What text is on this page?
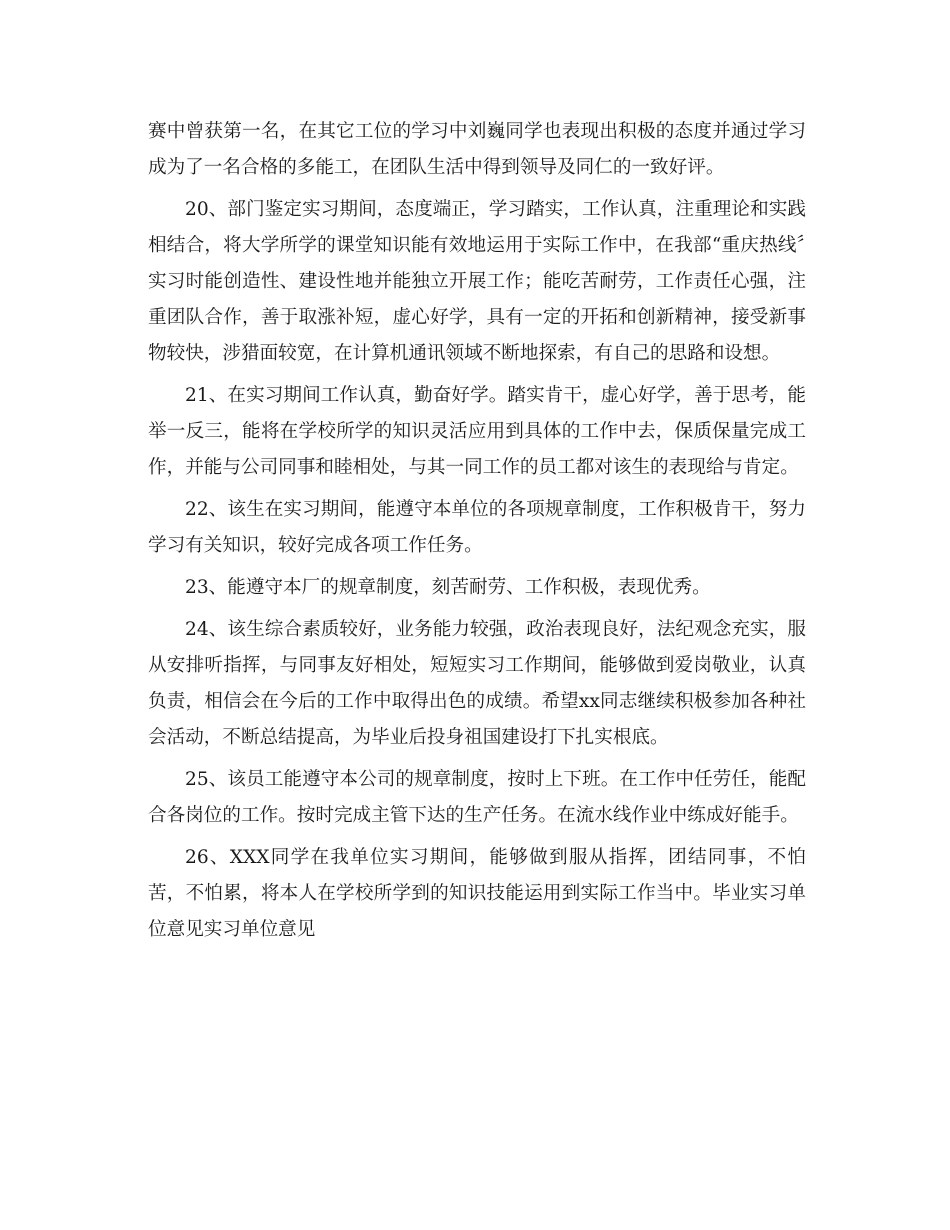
赛中曾获第一名，在其它工位的学习中刘巍同学也表现出积极的态度并通过学习成为了一名合格的多能工，在团队生活中得到领导及同仁的一致好评。

20、部门鉴定实习期间，态度端正，学习踏实，工作认真，注重理论和实践相结合，将大学所学的课堂知识能有效地运用于实际工作中，在我部“重庆热线〞实习时能创造性、建设性地并能独立开展工作；能吃苦耐劳，工作责任心强，注重团队合作，善于取涨补短，虚心好学，具有一定的开拓和创新精神，接受新事物较快，涉猎面较宽，在计算机通讯领域不断地探索，有自己的思路和设想。

21、在实习期间工作认真，勤奋好学。踏实肯干，虚心好学，善于思考，能举一反三，能将在学校所学的知识灵活应用到具体的工作中去，保质保量完成工作，并能与公司同事和睦相处，与其一同工作的员工都对该生的表现给与肯定。

22、该生在实习期间，能遵守本单位的各项规章制度，工作积极肯干，努力学习有关知识，较好完成各项工作任务。

23、能遵守本厂的规章制度，刻苦耐劳、工作积极，表现优秀。

24、该生综合素质较好，业务能力较强，政治表现良好，法纪观念充实，服从安排听指挥，与同事友好相处，短短实习工作期间，能够做到爱岗敬业，认真负责，相信会在今后的工作中取得出色的成绩。希望xx同志继续积极参加各种社会活动，不断总结提高，为毕业后投身祖国建设打下扎实根底。

25、该员工能遵守本公司的规章制度，按时上下班。在工作中任劳任，能配合各岗位的工作。按时完成主管下达的生产任务。在流水线作业中练成好能手。

26、XXX同学在我单位实习期间，能够做到服从指挥，团结同事，不怕苦，不怕累，将本人在学校所学到的知识技能运用到实际工作当中。毕业实习单位意见实习单位意见
